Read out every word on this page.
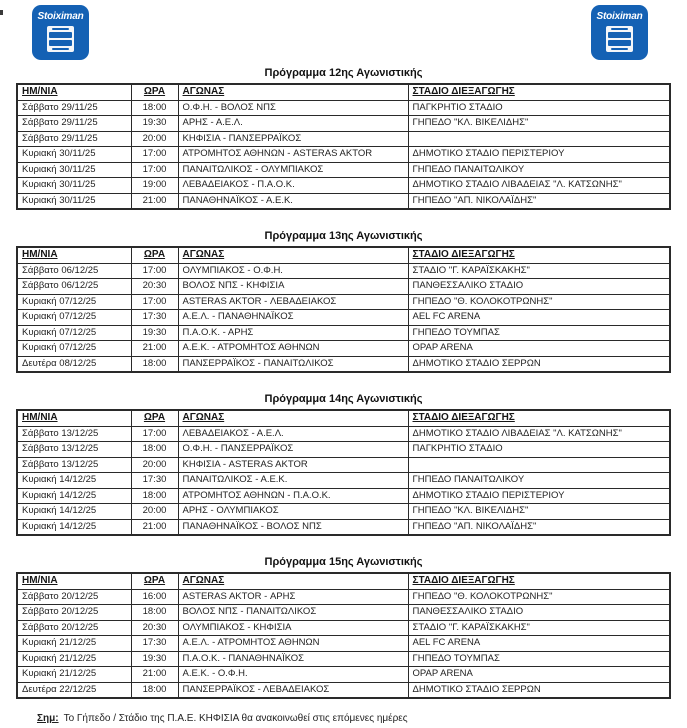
Stoiximan	Stoiximan
Πρόγραμμα 12ης Αγωνιστικής
ΗΜ/ΝΙΑ	ΩΡΑ	ΑΓΩΝΑΣ	ΣΤΑΔΙΟ ΔΙΕΞΑΓΩΓΗΣ
Σάββατο 29/11/25	18:00	Ο.Φ.Η. - ΒΟΛΟΣ ΝΠΣ	ΠΑΓΚΡΗΤΙΟ ΣΤΑΔΙΟ
Σάββατο 29/11/25	19:30	ΑΡΗΣ - Α.Ε.Λ.	ΓΗΠΕΔΟ "ΚΛ. ΒΙΚΕΛΙΔΗΣ"
Σάββατο 29/11/25	20:00	ΚΗΦΙΣΙΑ - ΠΑΝΣΕΡΡΑΪΚΟΣ	
Κυριακή 30/11/25	17:00	ΑΤΡΟΜΗΤΟΣ ΑΘΗΝΩΝ - ASTERAS AKTOR	ΔΗΜΟΤΙΚΟ ΣΤΑΔΙΟ ΠΕΡΙΣΤΕΡΙΟΥ
Κυριακή 30/11/25	17:00	ΠΑΝΑΙΤΩΛΙΚΟΣ - ΟΛΥΜΠΙΑΚΟΣ	ΓΗΠΕΔΟ ΠΑΝΑΙΤΩΛΙΚΟΥ
Κυριακή 30/11/25	19:00	ΛΕΒΑΔΕΙΑΚΟΣ - Π.Α.Ο.Κ.	ΔΗΜΟΤΙΚΟ ΣΤΑΔΙΟ ΛΙΒΑΔΕΙΑΣ "Λ. ΚΑΤΣΩΝΗΣ"
Κυριακή 30/11/25	21:00	ΠΑΝΑΘΗΝΑΪΚΟΣ - Α.Ε.Κ.	ΓΗΠΕΔΟ "ΑΠ. ΝΙΚΟΛΑΪΔΗΣ"
Πρόγραμμα 13ης Αγωνιστικής
ΗΜ/ΝΙΑ	ΩΡΑ	ΑΓΩΝΑΣ	ΣΤΑΔΙΟ ΔΙΕΞΑΓΩΓΗΣ
Σάββατο 06/12/25	17:00	ΟΛΥΜΠΙΑΚΟΣ - Ο.Φ.Η.	ΣΤΑΔΙΟ "Γ. ΚΑΡΑΪΣΚΑΚΗΣ"
Σάββατο 06/12/25	20:30	ΒΟΛΟΣ ΝΠΣ - ΚΗΦΙΣΙΑ	ΠΑΝΘΕΣΣΑΛΙΚΟ ΣΤΑΔΙΟ
Κυριακή 07/12/25	17:00	ASTERAS AKTOR - ΛΕΒΑΔΕΙΑΚΟΣ	ΓΗΠΕΔΟ "Θ. ΚΟΛΟΚΟΤΡΩΝΗΣ"
Κυριακή 07/12/25	17:30	Α.Ε.Λ. - ΠΑΝΑΘΗΝΑΪΚΟΣ	AEL FC ARENA
Κυριακή 07/12/25	19:30	Π.Α.Ο.Κ. - ΑΡΗΣ	ΓΗΠΕΔΟ ΤΟΥΜΠΑΣ
Κυριακή 07/12/25	21:00	Α.Ε.Κ. - ΑΤΡΟΜΗΤΟΣ ΑΘΗΝΩΝ	OPAP ARENA
Δευτέρα 08/12/25	18:00	ΠΑΝΣΕΡΡΑΪΚΟΣ - ΠΑΝΑΙΤΩΛΙΚΟΣ	ΔΗΜΟΤΙΚΟ ΣΤΑΔΙΟ ΣΕΡΡΩΝ
Πρόγραμμα 14ης Αγωνιστικής
ΗΜ/ΝΙΑ	ΩΡΑ	ΑΓΩΝΑΣ	ΣΤΑΔΙΟ ΔΙΕΞΑΓΩΓΗΣ
Σάββατο 13/12/25	17:00	ΛΕΒΑΔΕΙΑΚΟΣ - Α.Ε.Λ.	ΔΗΜΟΤΙΚΟ ΣΤΑΔΙΟ ΛΙΒΑΔΕΙΑΣ "Λ. ΚΑΤΣΩΝΗΣ"
Σάββατο 13/12/25	18:00	Ο.Φ.Η. - ΠΑΝΣΕΡΡΑΪΚΟΣ	ΠΑΓΚΡΗΤΙΟ ΣΤΑΔΙΟ
Σάββατο 13/12/25	20:00	ΚΗΦΙΣΙΑ - ASTERAS AKTOR	
Κυριακή 14/12/25	17:30	ΠΑΝΑΙΤΩΛΙΚΟΣ - Α.Ε.Κ.	ΓΗΠΕΔΟ ΠΑΝΑΙΤΩΛΙΚΟΥ
Κυριακή 14/12/25	18:00	ΑΤΡΟΜΗΤΟΣ ΑΘΗΝΩΝ - Π.Α.Ο.Κ.	ΔΗΜΟΤΙΚΟ ΣΤΑΔΙΟ ΠΕΡΙΣΤΕΡΙΟΥ
Κυριακή 14/12/25	20:00	ΑΡΗΣ - ΟΛΥΜΠΙΑΚΟΣ	ΓΗΠΕΔΟ "ΚΛ. ΒΙΚΕΛΙΔΗΣ"
Κυριακή 14/12/25	21:00	ΠΑΝΑΘΗΝΑΪΚΟΣ - ΒΟΛΟΣ ΝΠΣ	ΓΗΠΕΔΟ "ΑΠ. ΝΙΚΟΛΑΪΔΗΣ"
Πρόγραμμα 15ης Αγωνιστικής
ΗΜ/ΝΙΑ	ΩΡΑ	ΑΓΩΝΑΣ	ΣΤΑΔΙΟ ΔΙΕΞΑΓΩΓΗΣ
Σάββατο 20/12/25	16:00	ASTERAS AKTOR - ΑΡΗΣ	ΓΗΠΕΔΟ "Θ. ΚΟΛΟΚΟΤΡΩΝΗΣ"
Σάββατο 20/12/25	18:00	ΒΟΛΟΣ ΝΠΣ - ΠΑΝΑΙΤΩΛΙΚΟΣ	ΠΑΝΘΕΣΣΑΛΙΚΟ ΣΤΑΔΙΟ
Σάββατο 20/12/25	20:30	ΟΛΥΜΠΙΑΚΟΣ - ΚΗΦΙΣΙΑ	ΣΤΑΔΙΟ "Γ. ΚΑΡΑΪΣΚΑΚΗΣ"
Κυριακή 21/12/25	17:30	Α.Ε.Λ. - ΑΤΡΟΜΗΤΟΣ ΑΘΗΝΩΝ	AEL FC ARENA
Κυριακή 21/12/25	19:30	Π.Α.Ο.Κ. - ΠΑΝΑΘΗΝΑΪΚΟΣ	ΓΗΠΕΔΟ ΤΟΥΜΠΑΣ
Κυριακή 21/12/25	21:00	Α.Ε.Κ. - Ο.Φ.Η.	OPAP ARENA
Δευτέρα 22/12/25	18:00	ΠΑΝΣΕΡΡΑΪΚΟΣ - ΛΕΒΑΔΕΙΑΚΟΣ	ΔΗΜΟΤΙΚΟ ΣΤΑΔΙΟ ΣΕΡΡΩΝ
Σημ: Το Γήπεδο / Στάδιο της Π.Α.Ε. ΚΗΦΙΣΙΑ θα ανακοινωθεί στις επόμενες ημέρες
